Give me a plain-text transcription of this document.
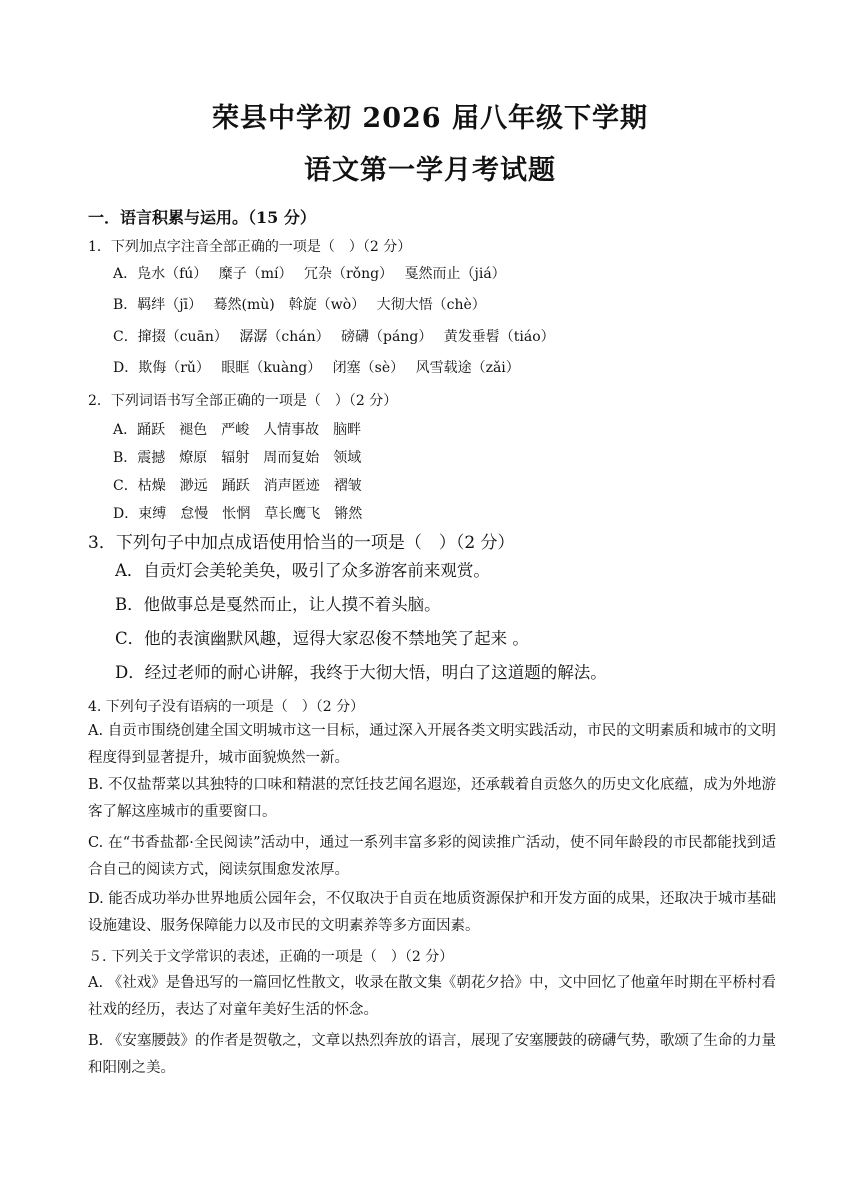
荣县中学初 2026 届八年级下学期
语文第一学月考试题
一．语言积累与运用。（15 分）
1．下列加点字注音全部正确的一项是（　）（2 分）
A．凫水（fú）　 糜子（mí）　 冗杂（rǒng）　 戛然而止（jiá）
B．羁绊（jī）　 蓦然(mù)　斡旋（wò）　 大彻大悟（chè）
C．撺掇（cuān）　 潺潺（chán）　 磅礴（páng）　 黄发垂髫（tiáo）
D．欺侮（rǔ）　 眼眶（kuàng）　 闭塞（sè）　 风雪载途（zǎi）
2．下列词语书写全部正确的一项是（　）（2 分）
A．踊跃　褪色　严峻　人情事故　脑畔
B．震撼　燎原　辐射　周而复始　领域
C．枯燥　渺远　踊跃　消声匿迹　褶皱
D．束缚　怠慢　怅惘　草长鹰飞　锵然
3．下列句子中加点成语使用恰当的一项是（　）（2 分）
A．自贡灯会美轮美奂，吸引了众多游客前来观赏。
B．他做事总是戛然而止，让人摸不着头脑。
C．他的表演幽默风趣，逗得大家忍俊不禁地笑了起来 。
D．经过老师的耐心讲解，我终于大彻大悟，明白了这道题的解法。
4. 下列句子没有语病的一项是（　）（2 分）
A. 自贡市围绕创建全国文明城市这一目标，通过深入开展各类文明实践活动，市民的文明素质和城市的文明程度得到显著提升，城市面貌焕然一新。
B. 不仅盐帮菜以其独特的口味和精湛的烹饪技艺闻名遐迩，还承载着自贡悠久的历史文化底蕴，成为外地游客了解这座城市的重要窗口。
C. 在“书香盐都·全民阅读”活动中，通过一系列丰富多彩的阅读推广活动，使不同年龄段的市民都能找到适合自己的阅读方式，阅读氛围愈发浓厚。
D. 能否成功举办世界地质公园年会，不仅取决于自贡在地质资源保护和开发方面的成果，还取决于城市基础设施建设、服务保障能力以及市民的文明素养等多方面因素。
５. 下列关于文学常识的表述，正确的一项是（　）（2 分）
A. 《社戏》是鲁迅写的一篇回忆性散文，收录在散文集《朝花夕拾》中，文中回忆了他童年时期在平桥村看社戏的经历，表达了对童年美好生活的怀念。
B. 《安塞腰鼓》的作者是贺敬之，文章以热烈奔放的语言，展现了安塞腰鼓的磅礴气势，歌颂了生命的力量和阳刚之美。
